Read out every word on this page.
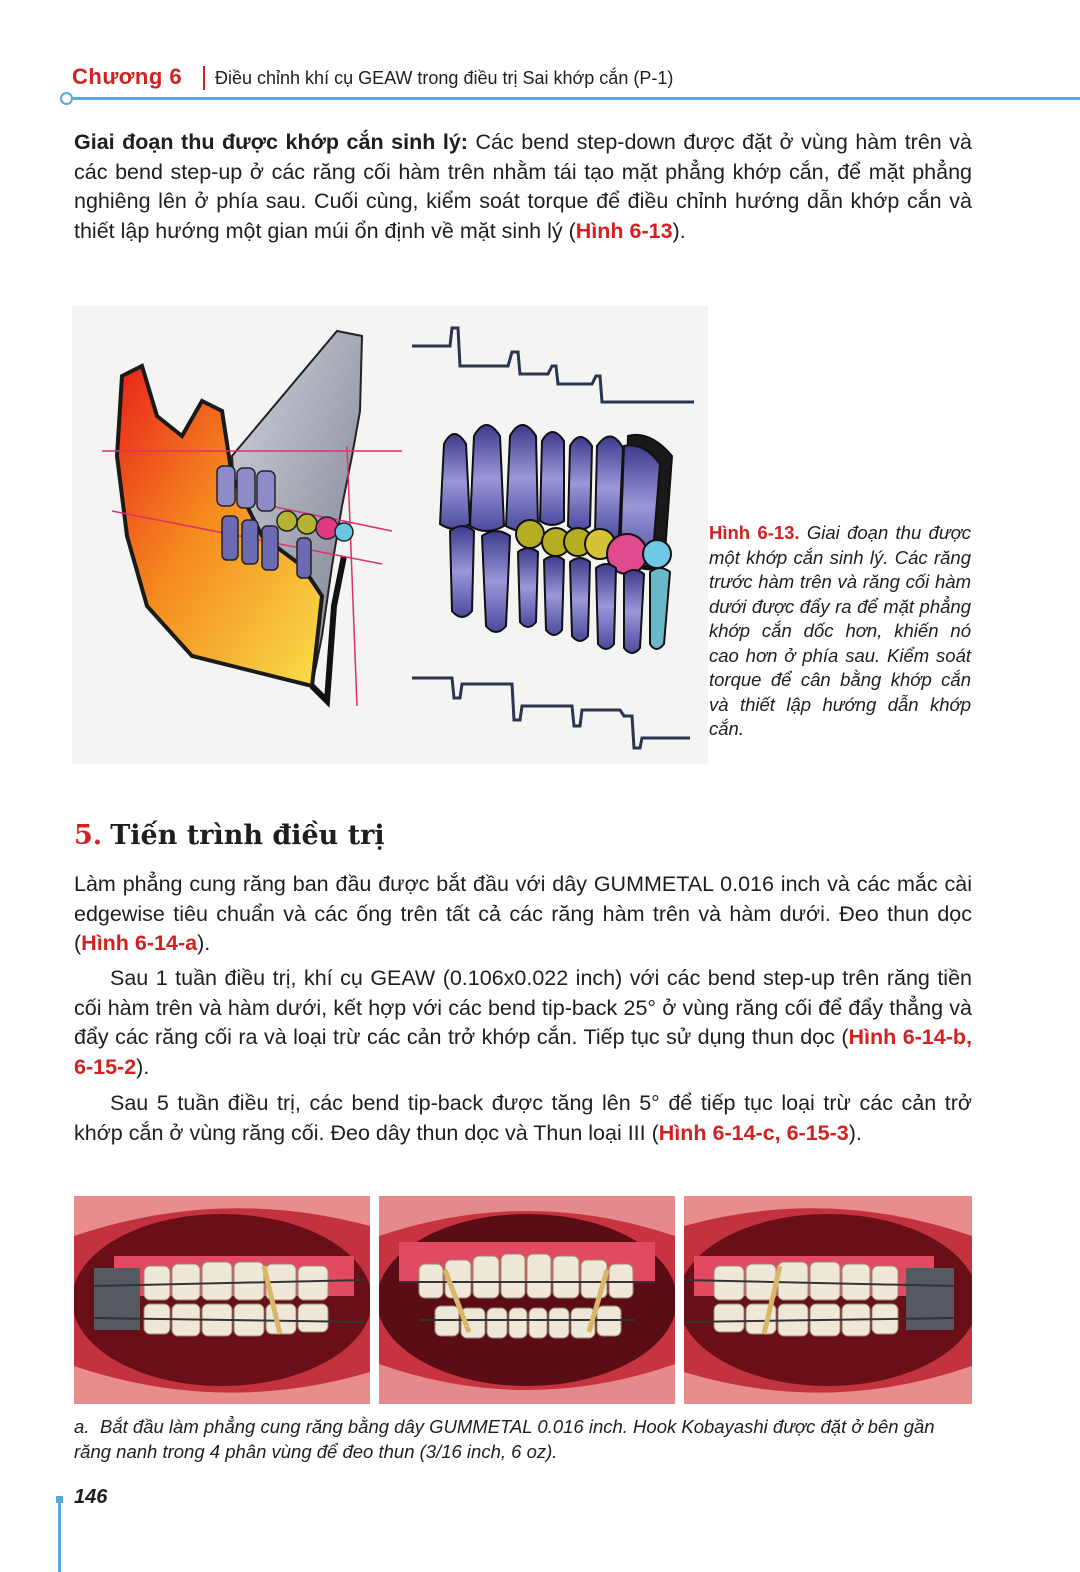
Chương 6 Điều chỉnh khí cụ GEAW trong điều trị Sai khớp cắn (P-1)

Giai đoạn thu được khớp cắn sinh lý: Các bend step-down được đặt ở vùng hàm trên và các bend step-up ở các răng cối hàm trên nhằm tái tạo mặt phẳng khớp cắn, để mặt phẳng nghiêng lên ở phía sau. Cuối cùng, kiểm soát torque để điều chỉnh hướng dẫn khớp cắn và thiết lập hướng một gian múi ổn định về mặt sinh lý (Hình 6-13).

Hình 6-13. Giai đoạn thu được một khớp cắn sinh lý. Các răng trước hàm trên và răng cối hàm dưới được đẩy ra để mặt phẳng khớp cắn dốc hơn, khiến nó cao hơn ở phía sau. Kiểm soát torque để cân bằng khớp cắn và thiết lập hướng dẫn khớp cắn.
5. Tiến trình điều trị

Làm phẳng cung răng ban đầu được bắt đầu với dây GUMMETAL 0.016 inch và các mắc cài edgewise tiêu chuẩn và các ống trên tất cả các răng hàm trên và hàm dưới. Đeo thun dọc (Hình 6-14-a).

Sau 1 tuần điều trị, khí cụ GEAW (0.106x0.022 inch) với các bend step-up trên răng tiền cối hàm trên và hàm dưới, kết hợp với các bend tip-back 25° ở vùng răng cối để đẩy thẳng và đẩy các răng cối ra và loại trừ các cản trở khớp cắn. Tiếp tục sử dụng thun dọc (Hình 6-14-b, 6-15-2).

Sau 5 tuần điều trị, các bend tip-back được tăng lên 5° để tiếp tục loại trừ các cản trở khớp cắn ở vùng răng cối. Đeo dây thun dọc và Thun loại III (Hình 6-14-c, 6-15-3).

a. Bắt đầu làm phẳng cung răng bằng dây GUMMETAL 0.016 inch. Hook Kobayashi được đặt ở bên gần răng nanh trong 4 phân vùng để đeo thun (3/16 inch, 6 oz).
146
